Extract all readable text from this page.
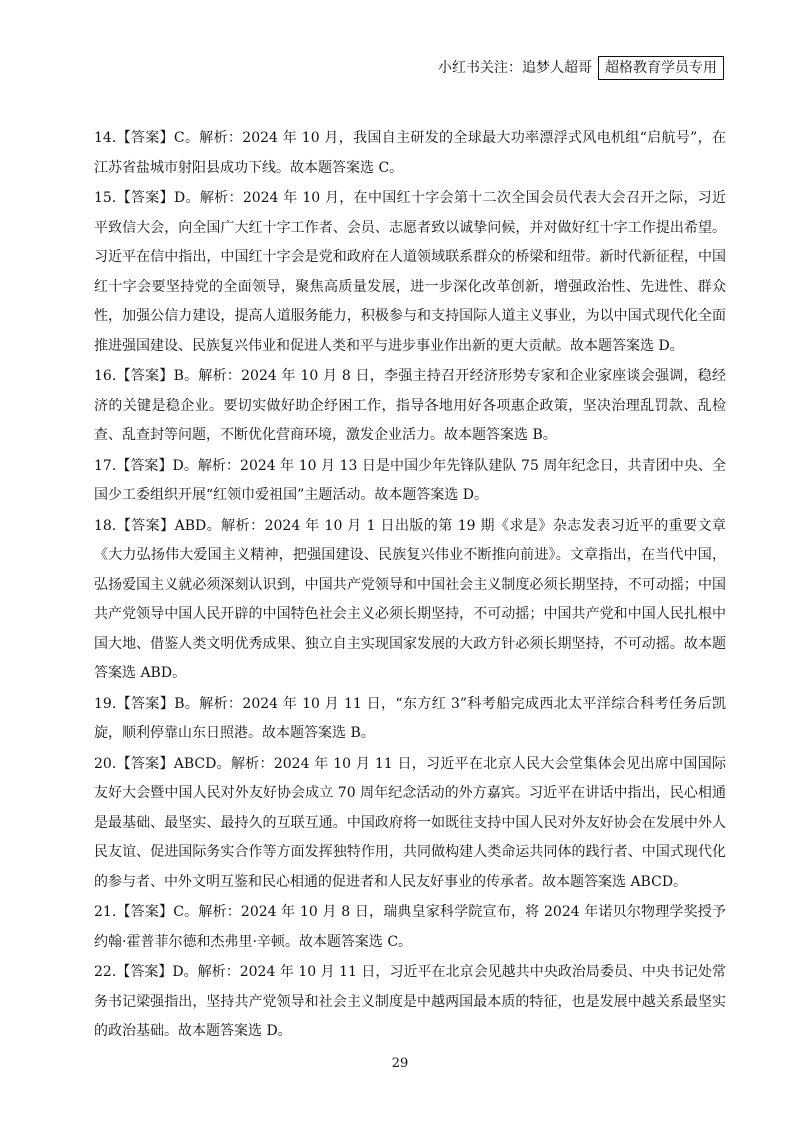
小红书关注：追梦人超哥 超格教育学员专用

14.【答案】C。解析：2024 年 10 月，我国自主研发的全球最大功率漂浮式风电机组“启航号”，在江苏省盐城市射阳县成功下线。故本题答案选 C。

15.【答案】D。解析：2024 年 10 月，在中国红十字会第十二次全国会员代表大会召开之际，习近平致信大会，向全国广大红十字工作者、会员、志愿者致以诚挚问候，并对做好红十字工作提出希望。习近平在信中指出，中国红十字会是党和政府在人道领域联系群众的桥梁和纽带。新时代新征程，中国红十字会要坚持党的全面领导，聚焦高质量发展，进一步深化改革创新，增强政治性、先进性、群众性，加强公信力建设，提高人道服务能力，积极参与和支持国际人道主义事业，为以中国式现代化全面推进强国建设、民族复兴伟业和促进人类和平与进步事业作出新的更大贡献。故本题答案选 D。

16.【答案】B。解析：2024 年 10 月 8 日，李强主持召开经济形势专家和企业家座谈会强调，稳经济的关键是稳企业。要切实做好助企纾困工作，指导各地用好各项惠企政策，坚决治理乱罚款、乱检查、乱查封等问题，不断优化营商环境，激发企业活力。故本题答案选 B。

17.【答案】D。解析：2024 年 10 月 13 日是中国少年先锋队建队 75 周年纪念日，共青团中央、全国少工委组织开展“红领巾爱祖国”主题活动。故本题答案选 D。

18.【答案】ABD。解析：2024 年 10 月 1 日出版的第 19 期《求是》杂志发表习近平的重要文章《大力弘扬伟大爱国主义精神，把强国建设、民族复兴伟业不断推向前进》。文章指出，在当代中国，弘扬爱国主义就必须深刻认识到，中国共产党领导和中国社会主义制度必须长期坚持，不可动摇；中国共产党领导中国人民开辟的中国特色社会主义必须长期坚持，不可动摇；中国共产党和中国人民扎根中国大地、借鉴人类文明优秀成果、独立自主实现国家发展的大政方针必须长期坚持，不可动摇。故本题答案选 ABD。

19.【答案】B。解析：2024 年 10 月 11 日，“东方红 3”科考船完成西北太平洋综合科考任务后凯旋，顺利停靠山东日照港。故本题答案选 B。

20.【答案】ABCD。解析：2024 年 10 月 11 日，习近平在北京人民大会堂集体会见出席中国国际友好大会暨中国人民对外友好协会成立 70 周年纪念活动的外方嘉宾。习近平在讲话中指出，民心相通是最基础、最坚实、最持久的互联互通。中国政府将一如既往支持中国人民对外友好协会在发展中外人民友谊、促进国际务实合作等方面发挥独特作用，共同做构建人类命运共同体的践行者、中国式现代化的参与者、中外文明互鉴和民心相通的促进者和人民友好事业的传承者。故本题答案选 ABCD。

21.【答案】C。解析：2024 年 10 月 8 日，瑞典皇家科学院宣布，将 2024 年诺贝尔物理学奖授予约翰·霍普菲尔德和杰弗里·辛顿。故本题答案选 C。

22.【答案】D。解析：2024 年 10 月 11 日，习近平在北京会见越共中央政治局委员、中央书记处常务书记梁强指出，坚持共产党领导和社会主义制度是中越两国最本质的特征，也是发展中越关系最坚实的政治基础。故本题答案选 D。

29
